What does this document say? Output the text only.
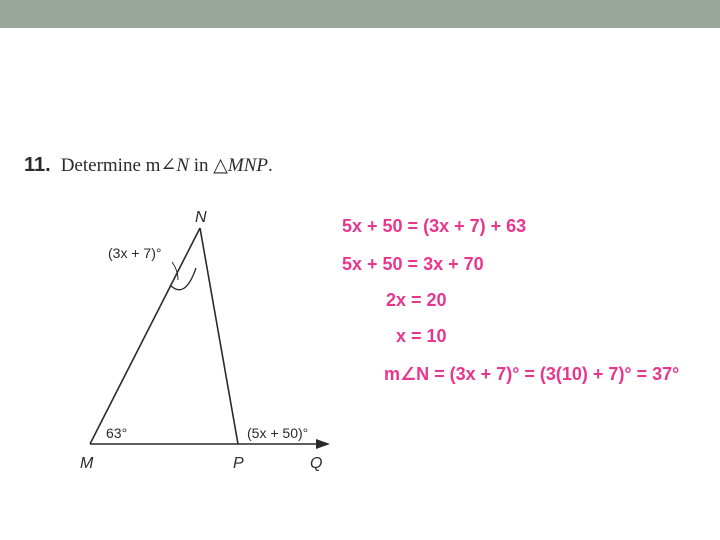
11. Determine m∠N in △MNP.
N
M	P	Q
(3x + 7)°
63°	(5x + 50)°
5x + 50 = (3x + 7) + 63
5x + 50 = 3x + 70
2x = 20
x = 10
m∠N = (3x + 7)° = (3(10) + 7)° = 37°
